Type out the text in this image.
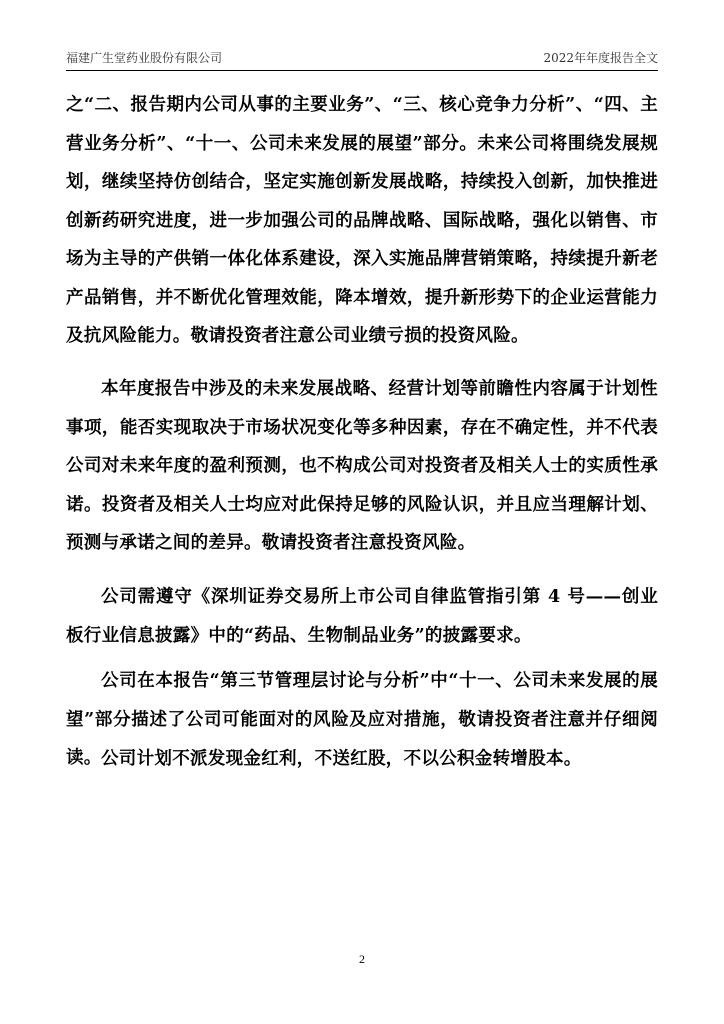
福建广生堂药业股份有限公司	2022年年度报告全文
之“二、报告期内公司从事的主要业务”、“三、核心竞争力分析”、“四、主营业务分析”、“十一、公司未来发展的展望”部分。未来公司将围绕发展规划，继续坚持仿创结合，坚定实施创新发展战略，持续投入创新，加快推进创新药研究进度，进一步加强公司的品牌战略、国际战略，强化以销售、市场为主导的产供销一体化体系建设，深入实施品牌营销策略，持续提升新老产品销售，并不断优化管理效能，降本增效，提升新形势下的企业运营能力及抗风险能力。敬请投资者注意公司业绩亏损的投资风险。
本年度报告中涉及的未来发展战略、经营计划等前瞻性内容属于计划性事项，能否实现取决于市场状况变化等多种因素，存在不确定性，并不代表公司对未来年度的盈利预测，也不构成公司对投资者及相关人士的实质性承诺。投资者及相关人士均应对此保持足够的风险认识，并且应当理解计划、预测与承诺之间的差异。敬请投资者注意投资风险。
公司需遵守《深圳证券交易所上市公司自律监管指引第 4 号——创业板行业信息披露》中的“药品、生物制品业务”的披露要求。
公司在本报告“第三节管理层讨论与分析”中“十一、公司未来发展的展望”部分描述了公司可能面对的风险及应对措施，敬请投资者注意并仔细阅读。 公司计划不派发现金红利，不送红股，不以公积金转增股本。
2
